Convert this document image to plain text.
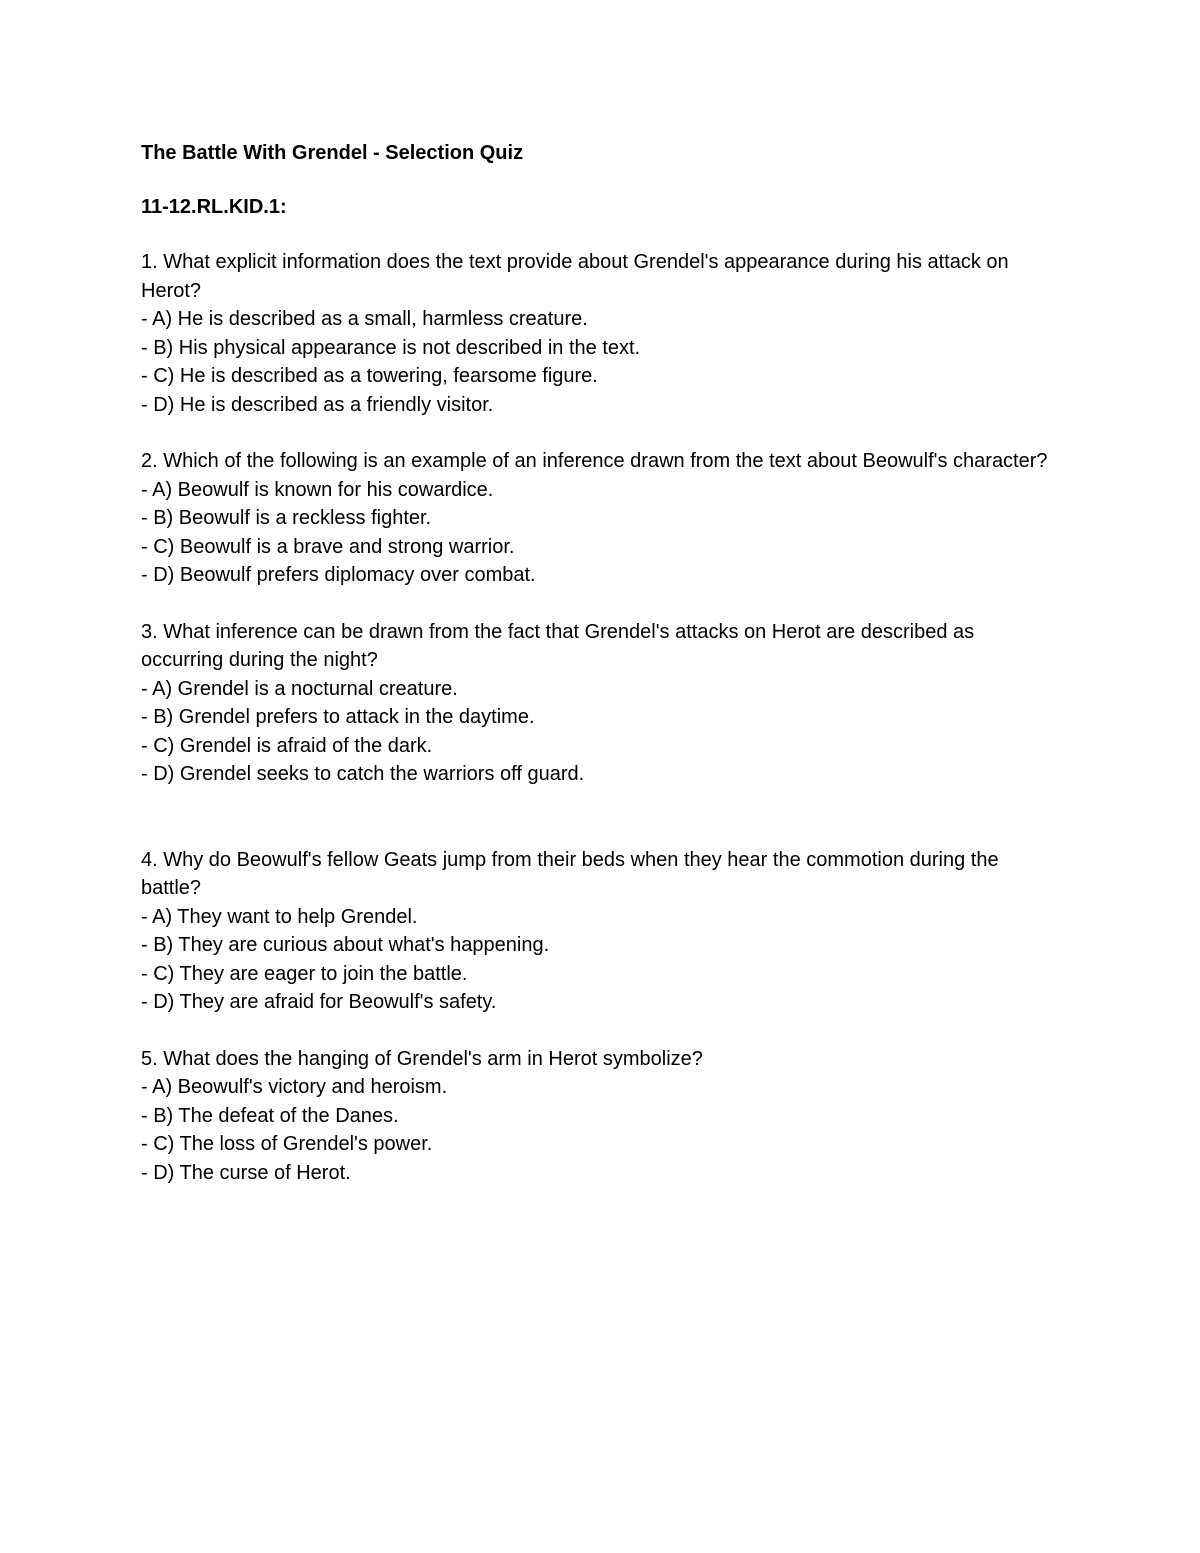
The Battle With Grendel - Selection Quiz

11-12.RL.KID.1:

1. What explicit information does the text provide about Grendel's appearance during his attack on Herot?

- A) He is described as a small, harmless creature.

- B) His physical appearance is not described in the text.

- C) He is described as a towering, fearsome figure.

- D) He is described as a friendly visitor.

2. Which of the following is an example of an inference drawn from the text about Beowulf's character?

- A) Beowulf is known for his cowardice.

- B) Beowulf is a reckless fighter.

- C) Beowulf is a brave and strong warrior.

- D) Beowulf prefers diplomacy over combat.

3. What inference can be drawn from the fact that Grendel's attacks on Herot are described as occurring during the night?

- A) Grendel is a nocturnal creature.

- B) Grendel prefers to attack in the daytime.

- C) Grendel is afraid of the dark.

- D) Grendel seeks to catch the warriors off guard.

4. Why do Beowulf's fellow Geats jump from their beds when they hear the commotion during the battle?

- A) They want to help Grendel.

- B) They are curious about what's happening.

- C) They are eager to join the battle.

- D) They are afraid for Beowulf's safety.

5. What does the hanging of Grendel's arm in Herot symbolize?

- A) Beowulf's victory and heroism.

- B) The defeat of the Danes.

- C) The loss of Grendel's power.

- D) The curse of Herot.
